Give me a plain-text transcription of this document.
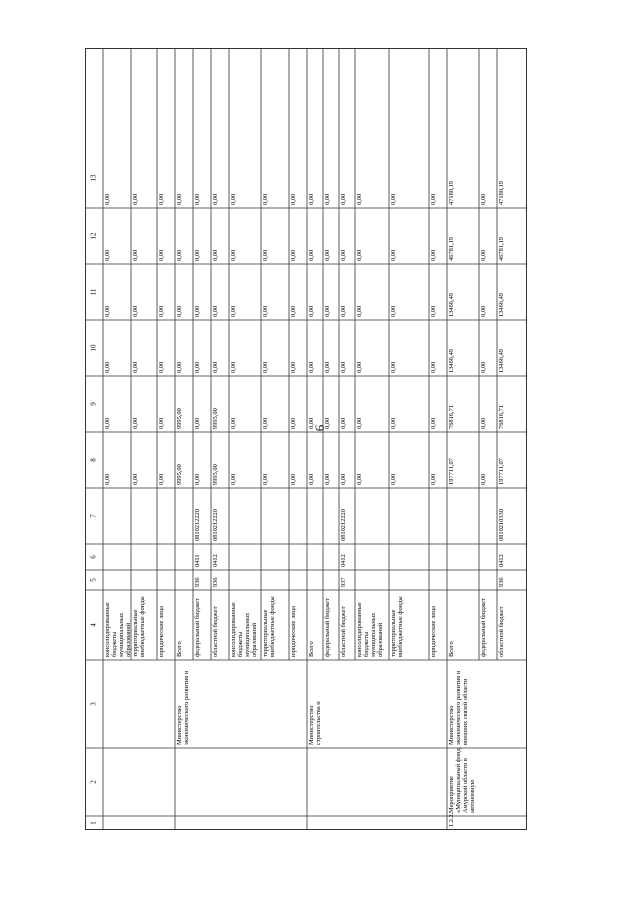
9
1
2
3
4
5
6
7
8
9
10
11
12
13
консолидированныебюджетымуниципальныхобразований
0,00
0,00
0,00
0,00
0,00
0,00
территориальныевнебюджетные фонды
0,00
0,00
0,00
0,00
0,00
0,00
юридические лица
0,00
0,00
0,00
0,00
0,00
0,00
Министерствоэкономического развития и
Всего
9995,00
9995,00
0,00
0,00
0,00
0,00
федеральный бюджет
936
0411
0810212220
0,00
0,00
0,00
0,00
0,00
0,00
областной бюджет
936
0412
0810212220
9995,00
9995,00
0,00
0,00
0,00
0,00
консолидированныебюджетымуниципальныхобразований
0,00
0,00
0,00
0,00
0,00
0,00
территориальныевнебюджетные фонды
0,00
0,00
0,00
0,00
0,00
0,00
юридические лица
0,00
0,00
0,00
0,00
0,00
0,00
Министерствостроительства и
Всего
0,00
0,00
0,00
0,00
0,00
0,00
федеральный бюджет
0,00
0,00
0,00
0,00
0,00
0,00
областной бюджет
937
0412
0810212220
0,00
0,00
0,00
0,00
0,00
0,00
консолидированныебюджетымуниципальныхобразований
0,00
0,00
0,00
0,00
0,00
0,00
территориальныевнебюджетные фонды
0,00
0,00
0,00
0,00
0,00
0,00
юридические лица
0,00
0,00
0,00
0,00
0,00
0,00
1.2.2.
Мероприятие«Муниципальный фондАмурской области вавтономную
Министерствоэкономического развития ивнешних связей области
Всего
197711,07
76816,71
13466,49
13466,49
46781,19
47180,19
федеральный бюджет
0,00
0,00
0,00
0,00
0,00
0,00
областной бюджет
936
0412
0810210330
197711,07
76816,71
13466,49
13466,49
46781,19
47180,19
